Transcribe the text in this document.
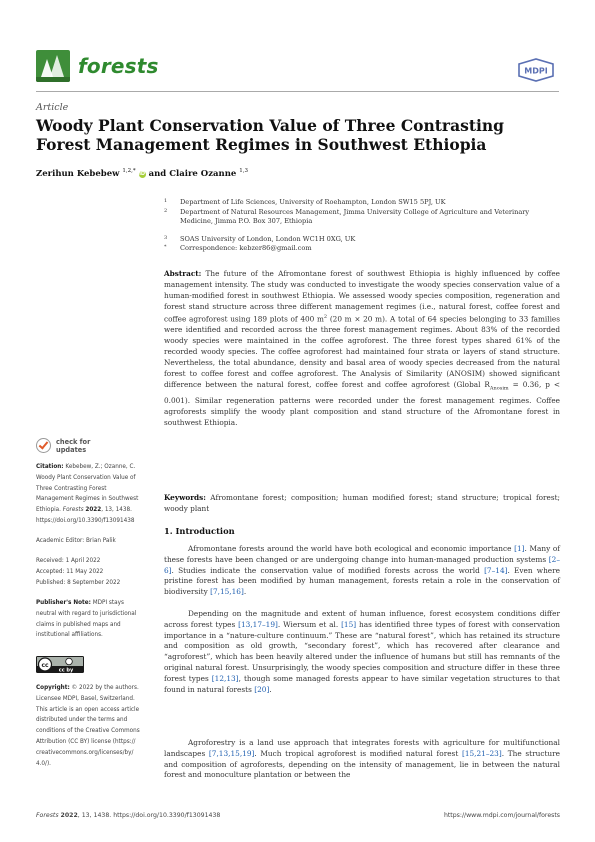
forests	MDPI
Article
Woody Plant Conservation Value of Three Contrasting Forest Management Regimes in Southwest Ethiopia
Zerihun Kebebew $^{1,2,*}$ iD and Claire Ozanne $^{1,3}$
1 Department of Life Sciences, University of Roehampton, London SW15 5PJ, UK
2 Department of Natural Resources Management, Jimma University College of Agriculture and Veterinary Medicine, Jimma P.O. Box 307, Ethiopia
3 SOAS University of London, London WC1H 0XG, UK
* Correspondence: kebzer86@gmail.com

Abstract: The future of the Afromontane forest of southwest Ethiopia is highly influenced by coffee management intensity. The study was conducted to investigate the woody species conservation value of a human-modified forest in southwest Ethiopia. We assessed woody species composition, regeneration and forest stand structure across three different management regimes (i.e., natural forest, coffee forest and coffee agroforest using 189 plots of 400 $m^2$ (20 m × 20 m). A total of 64 species belonging to 33 families were identified and recorded across the three forest management regimes. About 83% of the recorded woody species were maintained in the coffee agroforest. The three forest types shared 61% of the recorded woody species. The coffee agroforest had maintained four strata or layers of stand structure. Nevertheless, the total abundance, density and basal area of woody species decreased from the natural forest to coffee forest and coffee agroforest. The Analysis of Similarity (ANOSIM) showed significant difference between the natural forest, coffee forest and coffee agroforest (Global $R_{Anosim} = 0.36$, p < 0.001). Similar regeneration patterns were recorded under the forest management regimes. Coffee agroforests simplify the woody plant composition and stand structure of the Afromontane forest in southwest Ethiopia.

Keywords: Afromontane forest; composition; human modified forest; stand structure; tropical forest; woody plant

check for
updates

Citation: Kebebew, Z.; Ozanne, C. Woody Plant Conservation Value of Three Contrasting Forest Management Regimes in Southwest Ethiopia. Forests 2022, 13, 1438. https://doi.org/10.3390/f13091438

Academic Editor: Brian Palik

Received: 1 April 2022

Accepted: 11 May 2022

Published: 8 September 2022

Publisher's Note: MDPI stays neutral with regard to jurisdictional claims in published maps and institutional affiliations.

cc
cc by

Copyright: © 2022 by the authors. Licensee MDPI, Basel, Switzerland. This article is an open access article distributed under the terms and conditions of the Creative Commons Attribution (CC BY) license (https:// creativecommons.org/licenses/by/ 4.0/).

1. Introduction

Afromontane forests around the world have both ecological and economic importance [1]. Many of these forests have been changed or are undergoing change into human-managed production systems [2–6]. Studies indicate the conservation value of modified forests across the world [7–14]. Even where pristine forest has been modified by human management, forests retain a role in the conservation of biodiversity [7,15,16].

Depending on the magnitude and extent of human influence, forest ecosystem conditions differ across forest types [13,17–19]. Wiersum et al. [15] has identified three types of forest with conservation importance in a “nature-culture continuum.” These are “natural forest”, which has retained its structure and composition as old growth, “secondary forest”, which has recovered after clearance and “agroforest”, which has been heavily altered under the influence of humans but still has remnants of the original natural forest. Unsurprisingly, the woody species composition and structure differ in these three forest types [12,13], though some managed forests appear to have similar vegetation structures to that found in natural forests [20].

Agroforestry is a land use approach that integrates forests with agriculture for multifunctional landscapes [7,13,15,19]. Much tropical agroforest is modified natural forest [15,21–23]. The structure and composition of agroforests, depending on the intensity of management, lie in between the natural forest and monoculture plantation or between the

Forests 2022, 13, 1438. https://doi.org/10.3390/f13091438	https://www.mdpi.com/journal/forests
